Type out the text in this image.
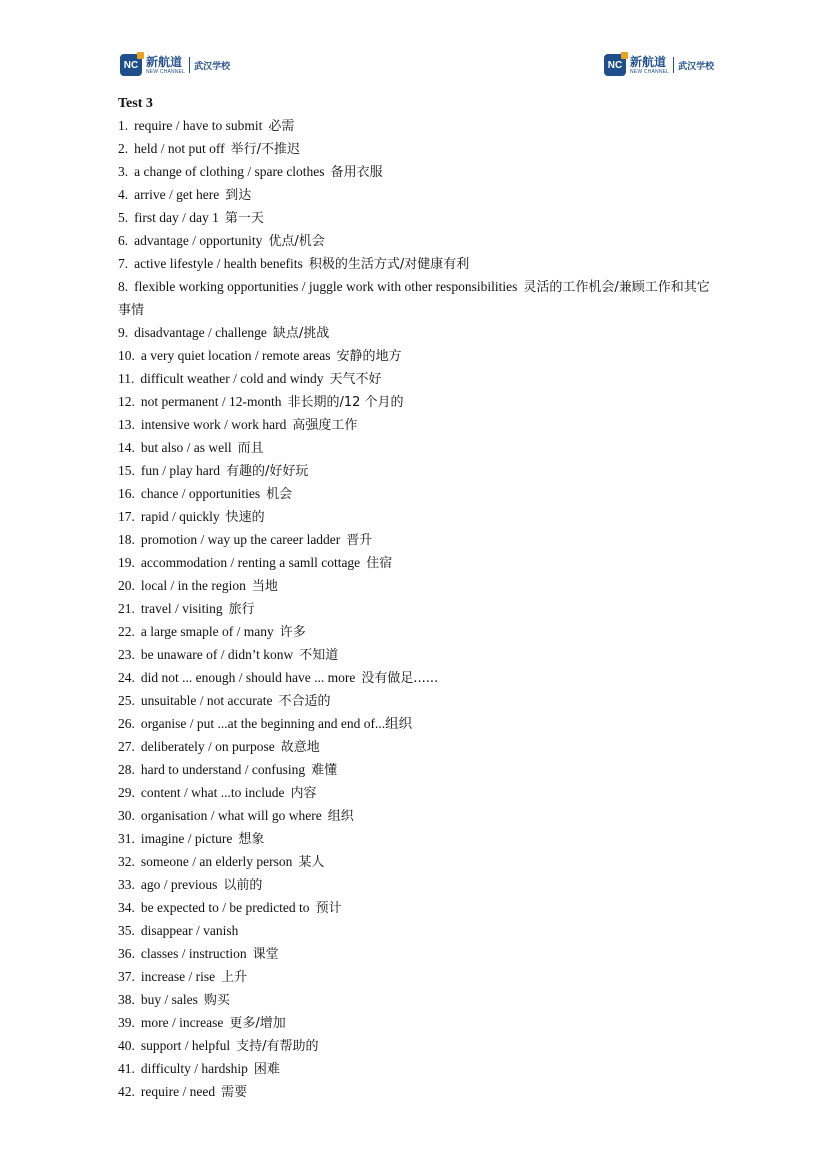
NC 新航道
NEW CHANNEL 武汉学校	NC 新航道
NEW CHANNEL 武汉学校
Test 3
1. require / have to submit 必需
2. held / not put off 举行/不推迟
3. a change of clothing / spare clothes 备用衣服
4. arrive / get here 到达
5. first day / day 1 第一天
6. advantage / opportunity 优点/机会
7. active lifestyle / health benefits 积极的生活方式/对健康有利
8. flexible working opportunities / juggle work with other responsibilities 灵活的工作机会/兼顾工作和其它事情
9. disadvantage / challenge 缺点/挑战
10. a very quiet location / remote areas 安静的地方
11. difficult weather / cold and windy 天气不好
12. not permanent / 12-month 非长期的/12 个月的
13. intensive work / work hard 高强度工作
14. but also / as well 而且
15. fun / play hard 有趣的/好好玩
16. chance / opportunities 机会
17. rapid / quickly 快速的
18. promotion / way up the career ladder 晋升
19. accommodation / renting a samll cottage 住宿
20. local / in the region 当地
21. travel / visiting 旅行
22. a large smaple of / many 许多
23. be unaware of / didn’t konw 不知道
24. did not ... enough / should have ... more 没有做足......
25. unsuitable / not accurate 不合适的
26. organise / put ...at the beginning and end of...组织
27. deliberately / on purpose 故意地
28. hard to understand / confusing 难懂
29. content / what ...to include 内容
30. organisation / what will go where 组织
31. imagine / picture 想象
32. someone / an elderly person 某人
33. ago / previous 以前的
34. be expected to / be predicted to 预计
35. disappear / vanish
36. classes / instruction 课堂
37. increase / rise 上升
38. buy / sales 购买
39. more / increase 更多/增加
40. support / helpful 支持/有帮助的
41. difficulty / hardship 困难
42. require / need 需要
